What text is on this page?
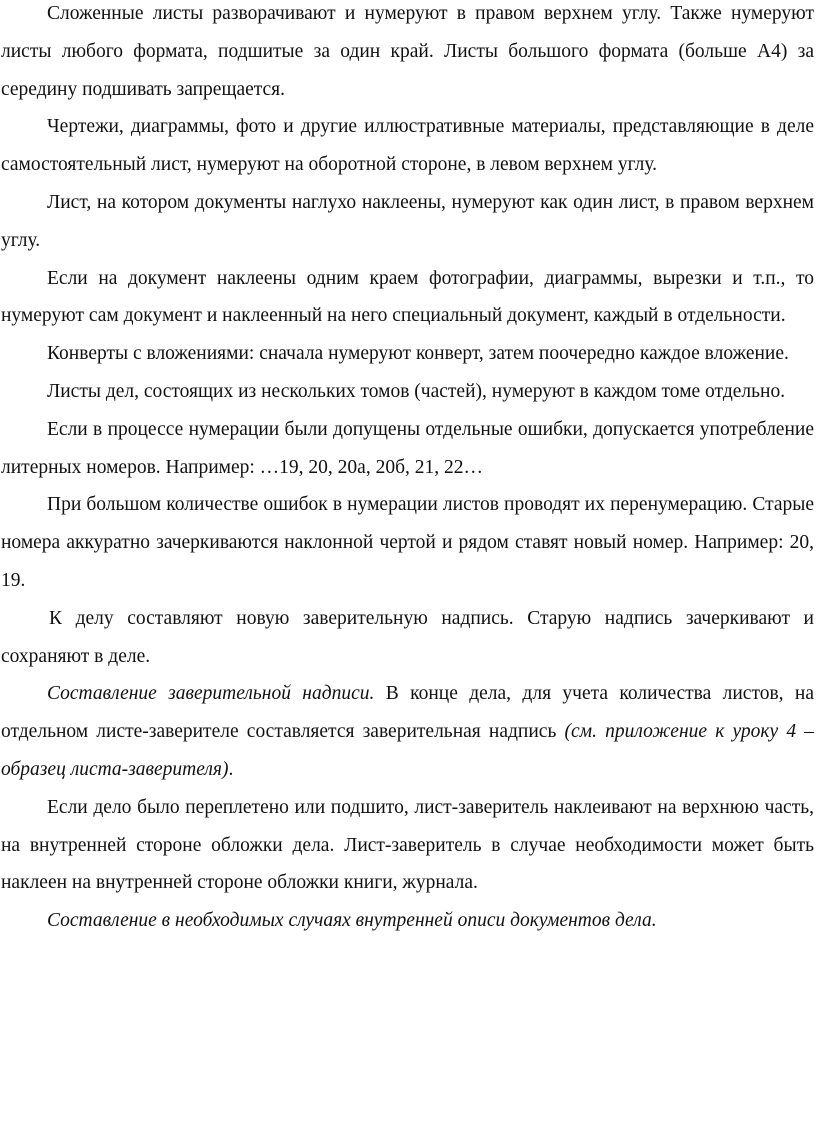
Сложенные листы разворачивают и нумеруют в правом верхнем углу. Также нумеруют листы любого формата, подшитые за один край. Листы большого формата (больше А4) за середину подшивать запрещается.

Чертежи, диаграммы, фото и другие иллюстративные материалы, представляющие в деле самостоятельный лист, нумеруют на оборотной стороне, в левом верхнем углу.

Лист, на котором документы наглухо наклеены, нумеруют как один лист, в правом верхнем углу.

Если на документ наклеены одним краем фотографии, диаграммы, вырезки и т.п., то нумеруют сам документ и наклеенный на него специальный документ, каждый в отдельности.

Конверты с вложениями: сначала нумеруют конверт, затем поочередно каждое вложение.

Листы дел, состоящих из нескольких томов (частей), нумеруют в каждом томе отдельно.

Если в процессе нумерации были допущены отдельные ошибки, допускается употребление литерных номеров. Например: …19, 20, 20а, 20б, 21, 22…

При большом количестве ошибок в нумерации листов проводят их перенумерацию. Старые номера аккуратно зачеркиваются наклонной чертой и рядом ставят новый номер. Например: 20, 19.

К делу составляют новую заверительную надпись. Старую надпись зачеркивают и сохраняют в деле.

Составление заверительной надписи. В конце дела, для учета количества листов, на отдельном листе-заверителе составляется заверительная надпись (см. приложение к уроку 4 – образец листа-заверителя).

Если дело было переплетено или подшито, лист-заверитель наклеивают на верхнюю часть, на внутренней стороне обложки дела. Лист-заверитель в случае необходимости может быть наклеен на внутренней стороне обложки книги, журнала.

Составление в необходимых случаях внутренней описи документов дела.
